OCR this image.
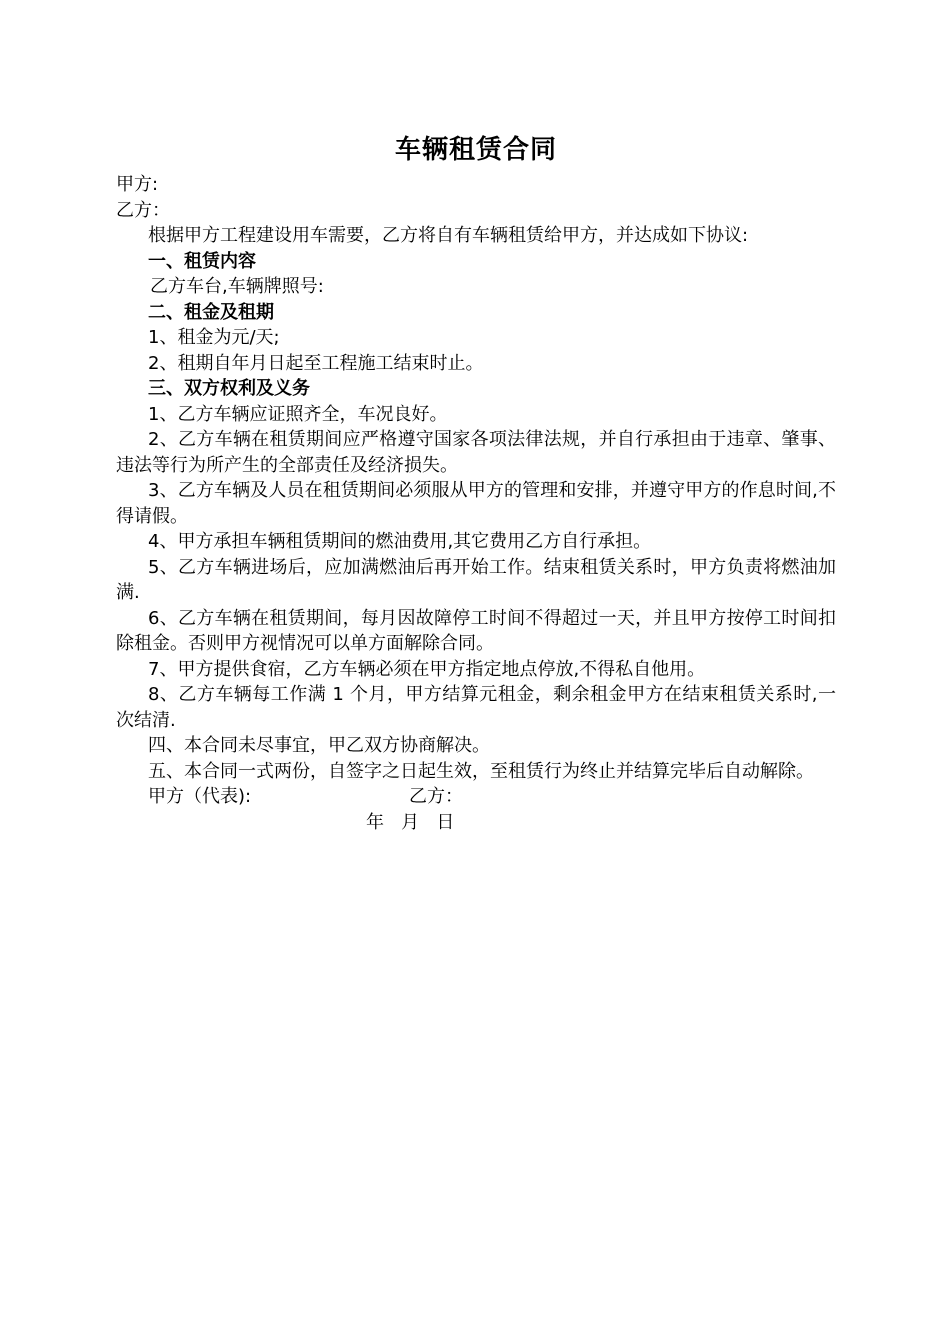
车辆租赁合同

甲方:

乙方：

根据甲方工程建设用车需要，乙方将自有车辆租赁给甲方，并达成如下协议:

一、租赁内容

乙方车台,车辆牌照号:

二、租金及租期

1、租金为元/天;

2、租期自年月日起至工程施工结束时止。

三、双方权利及义务

1、乙方车辆应证照齐全，车况良好。

2、乙方车辆在租赁期间应严格遵守国家各项法律法规，并自行承担由于违章、肇事、违法等行为所产生的全部责任及经济损失。

3、乙方车辆及人员在租赁期间必须服从甲方的管理和安排，并遵守甲方的作息时间,不得请假。

4、甲方承担车辆租赁期间的燃油费用,其它费用乙方自行承担。

5、乙方车辆进场后，应加满燃油后再开始工作。结束租赁关系时，甲方负责将燃油加满.

6、乙方车辆在租赁期间，每月因故障停工时间不得超过一天，并且甲方按停工时间扣除租金。否则甲方视情况可以单方面解除合同。

7、甲方提供食宿，乙方车辆必须在甲方指定地点停放,不得私自他用。

8、乙方车辆每工作满 1 个月，甲方结算元租金，剩余租金甲方在结束租赁关系时,一次结清.

四、本合同未尽事宜，甲乙双方协商解决。

五、本合同一式两份，自签字之日起生效，至租赁行为终止并结算完毕后自动解除。

甲方（代表):	乙方：
年   月   日
